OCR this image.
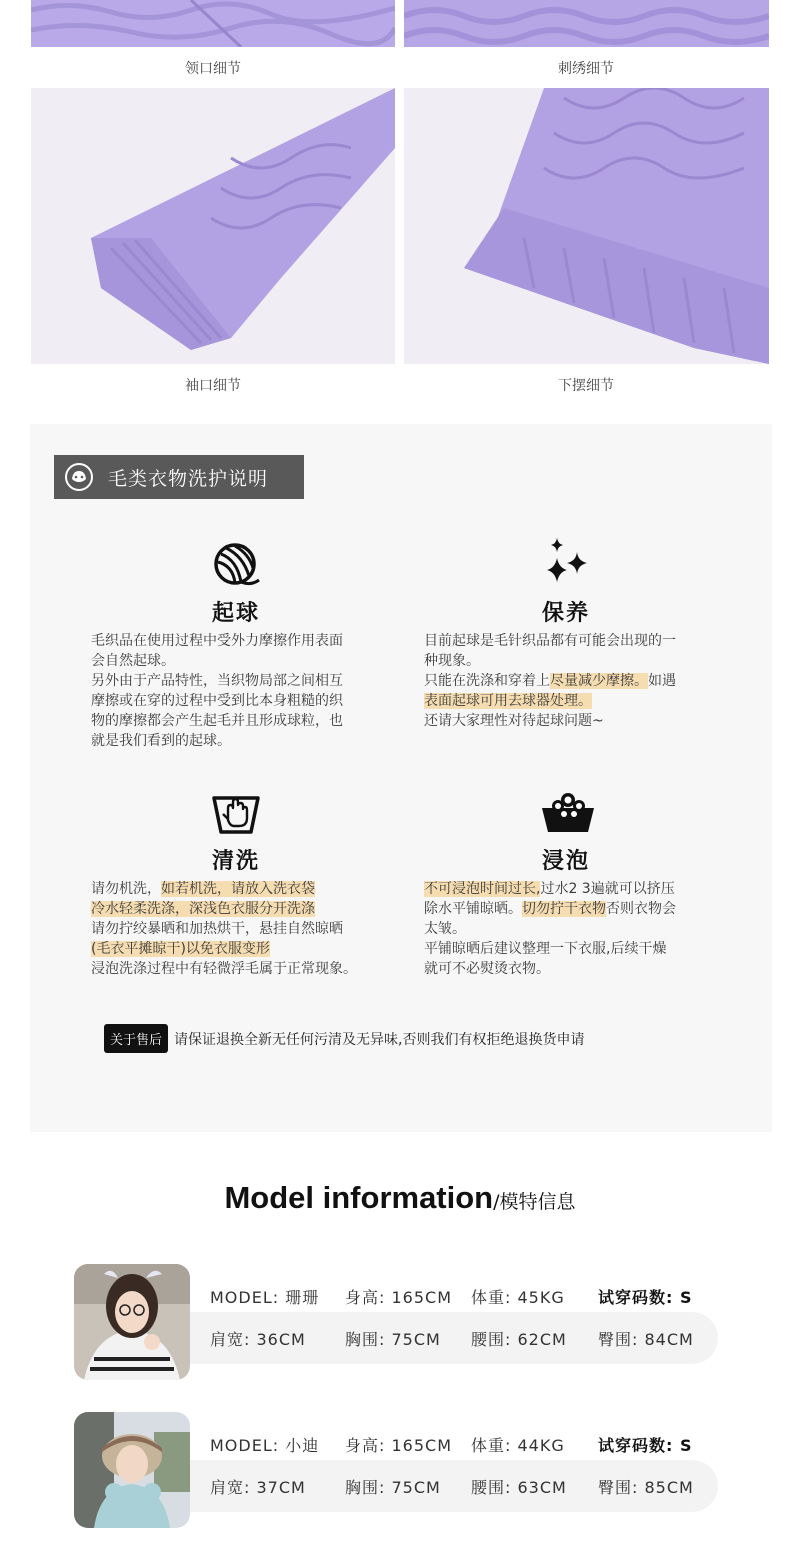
领口细节	刺绣细节
袖口细节	下摆细节
毛类衣物洗护说明
起球

毛织品在使用过程中受外力摩擦作用表面

会自然起球。

另外由于产品特性，当织物局部之间相互

摩擦或在穿的过程中受到比本身粗糙的织

物的摩擦都会产生起毛并且形成球粒，也

就是我们看到的起球。

保养

目前起球是毛针织品都有可能会出现的一

种现象。

只能在洗涤和穿着上尽量减少摩擦。如遇

表面起球可用去球器处理。

还请大家理性对待起球问题~

清洗

请勿机洗，如若机洗，请放入洗衣袋

冷水轻柔洗涤，深浅色衣服分开洗涤

请勿拧绞暴晒和加热烘干，悬挂自然晾晒

(毛衣平摊晾干)以免衣服变形

浸泡洗涤过程中有轻微浮毛属于正常现象。

浸泡

不可浸泡时间过长,过水2 3遍就可以挤压

除水平铺晾晒。切勿拧干衣物否则衣物会

太皱。

平铺晾晒后建议整理一下衣服,后续干燥

就可不必熨烫衣物。

关于售后 请保证退换全新无任何污清及无异味,否则我们有权拒绝退换货申请
Model information/模特信息
MODEL: 珊珊 身高: 165CM 体重: 45KG 试穿码数: S
肩宽: 36CM 胸围: 75CM 腰围: 62CM 臀围: 84CM
MODEL: 小迪 身高: 165CM 体重: 44KG 试穿码数: S
肩宽: 37CM 胸围: 75CM 腰围: 63CM 臀围: 85CM
